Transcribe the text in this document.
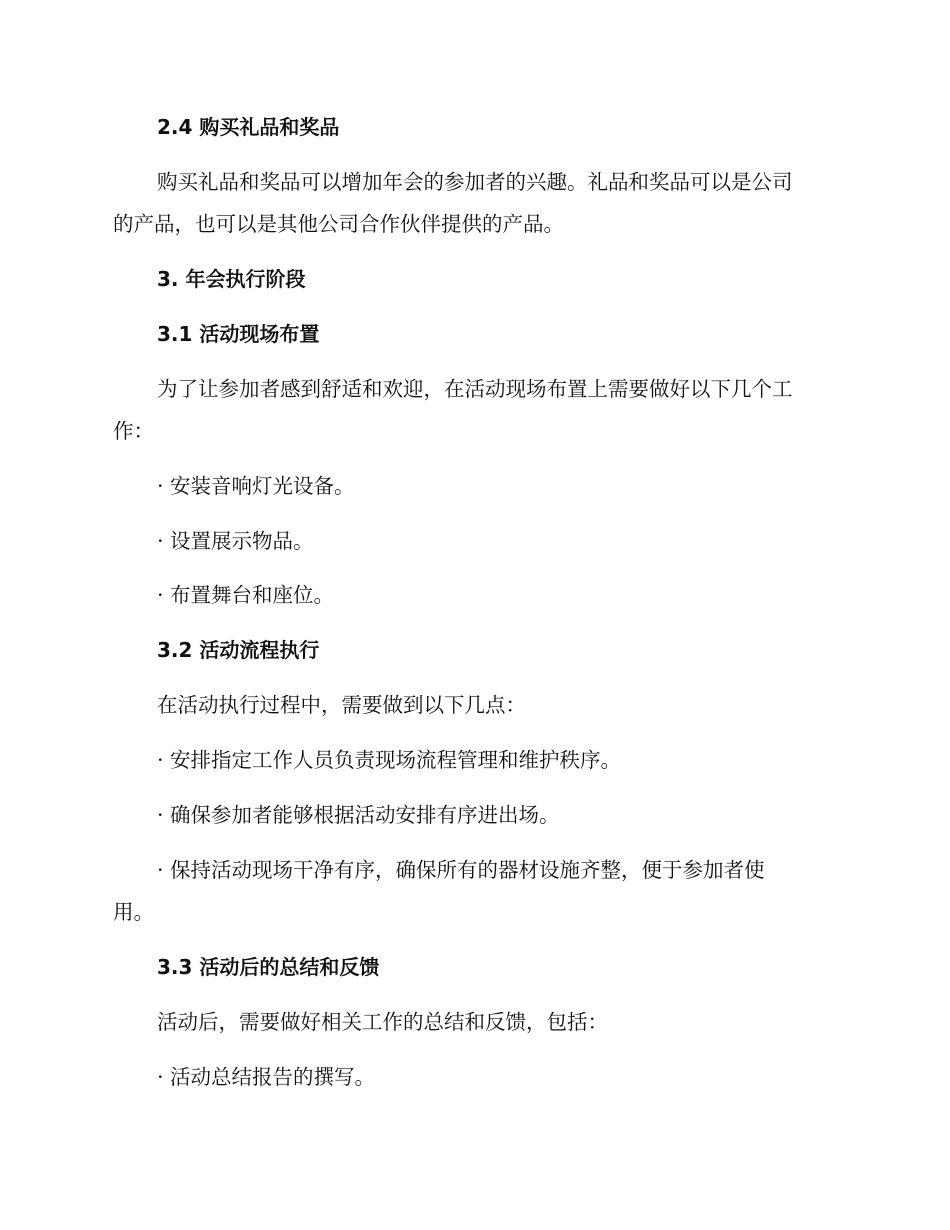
2.4 购买礼品和奖品
购买礼品和奖品可以增加年会的参加者的兴趣。礼品和奖品可以是公司
的产品，也可以是其他公司合作伙伴提供的产品。
3. 年会执行阶段
3.1 活动现场布置
为了让参加者感到舒适和欢迎，在活动现场布置上需要做好以下几个工
作：
· 安装音响灯光设备。
· 设置展示物品。
· 布置舞台和座位。
3.2 活动流程执行
在活动执行过程中，需要做到以下几点：
· 安排指定工作人员负责现场流程管理和维护秩序。
· 确保参加者能够根据活动安排有序进出场。
· 保持活动现场干净有序，确保所有的器材设施齐整，便于参加者使
用。
3.3 活动后的总结和反馈
活动后，需要做好相关工作的总结和反馈，包括：
· 活动总结报告的撰写。
